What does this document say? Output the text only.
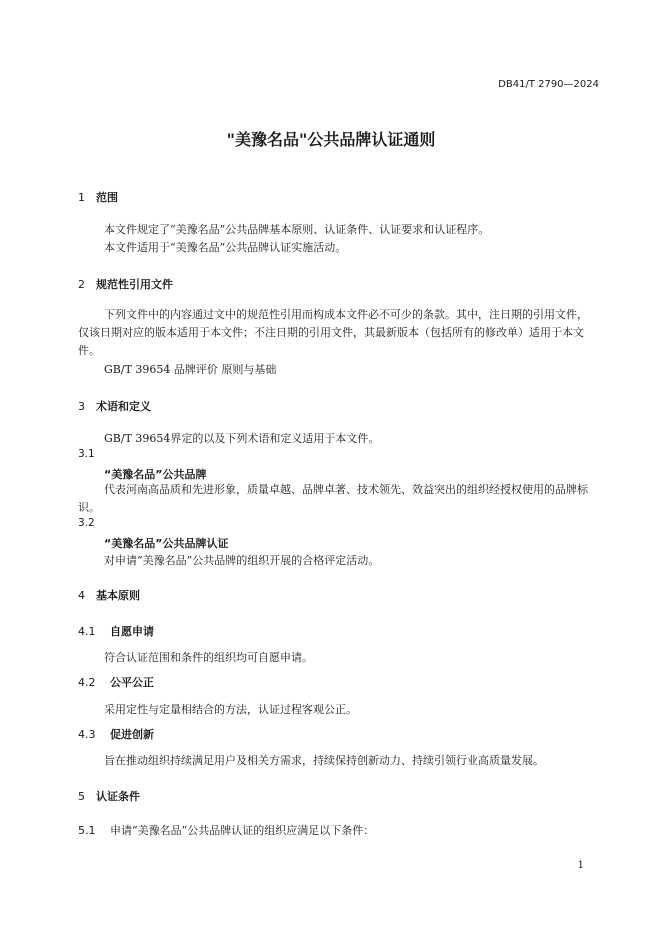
DB41/T 2790—2024
"美豫名品"公共品牌认证通则
1 范围
本文件规定了“美豫名品”公共品牌基本原则、认证条件、认证要求和认证程序。
本文件适用于“美豫名品”公共品牌认证实施活动。
2 规范性引用文件
下列文件中的内容通过文中的规范性引用而构成本文件必不可少的条款。其中，注日期的引用文件，仅该日期对应的版本适用于本文件；不注日期的引用文件，其最新版本（包括所有的修改单）适用于本文件。
GB/T 39654 品牌评价 原则与基础
3 术语和定义
GB/T 39654界定的以及下列术语和定义适用于本文件。
3.1
“美豫名品”公共品牌
代表河南高品质和先进形象，质量卓越、品牌卓著、技术领先、效益突出的组织经授权使用的品牌标识。
3.2
“美豫名品”公共品牌认证
对申请“美豫名品”公共品牌的组织开展的合格评定活动。
4 基本原则
4.1 自愿申请
符合认证范围和条件的组织均可自愿申请。
4.2 公平公正
采用定性与定量相结合的方法，认证过程客观公正。
4.3 促进创新
旨在推动组织持续满足用户及相关方需求，持续保持创新动力、持续引领行业高质量发展。
5 认证条件
5.1 申请“美豫名品”公共品牌认证的组织应满足以下条件：
1
